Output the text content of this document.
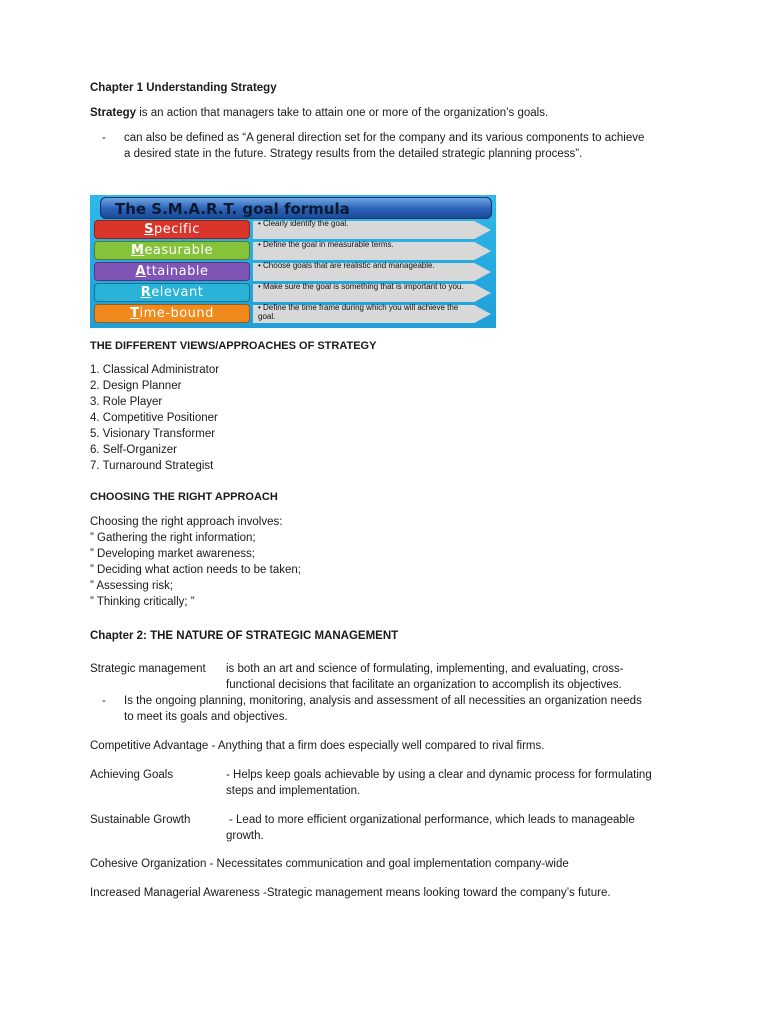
Chapter 1 Understanding Strategy
Strategy is an action that managers take to attain one or more of the organization’s goals.
- can also be defined as “A general direction set for the company and its various components to achieve
a desired state in the future. Strategy results from the detailed strategic planning process”.
The S.M.A.R.T. goal formula
Specific	• Clearly identify the goal.
Measurable	• Define the goal in measurable terms.
Attainable	• Choose goals that are realistic and manageable.
Relevant	• Make sure the goal is something that is important to you.
Time-bound	• Define the time frame during which you will achieve the goal.
THE DIFFERENT VIEWS/APPROACHES OF STRATEGY
1. Classical Administrator
2. Design Planner
3. Role Player
4. Competitive Positioner
5. Visionary Transformer
6. Self-Organizer
7. Turnaround Strategist
CHOOSING THE RIGHT APPROACH
Choosing the right approach involves:
” Gathering the right information;
” Developing market awareness;
” Deciding what action needs to be taken;
” Assessing risk;
” Thinking critically; ”
Chapter 2: THE NATURE OF STRATEGIC MANAGEMENT
Strategic management is both an art and science of formulating, implementing, and evaluating, cross-
functional decisions that facilitate an organization to accomplish its objectives.
- Is the ongoing planning, monitoring, analysis and assessment of all necessities an organization needs
to meet its goals and objectives.
Competitive Advantage - Anything that a firm does especially well compared to rival firms.
Achieving Goals	- Helps keep goals achievable by using a clear and dynamic process for formulating
steps and implementation.
Sustainable Growth	- Lead to more efficient organizational performance, which leads to manageable
growth.
Cohesive Organization - Necessitates communication and goal implementation company-wide
Increased Managerial Awareness -Strategic management means looking toward the company’s future.
